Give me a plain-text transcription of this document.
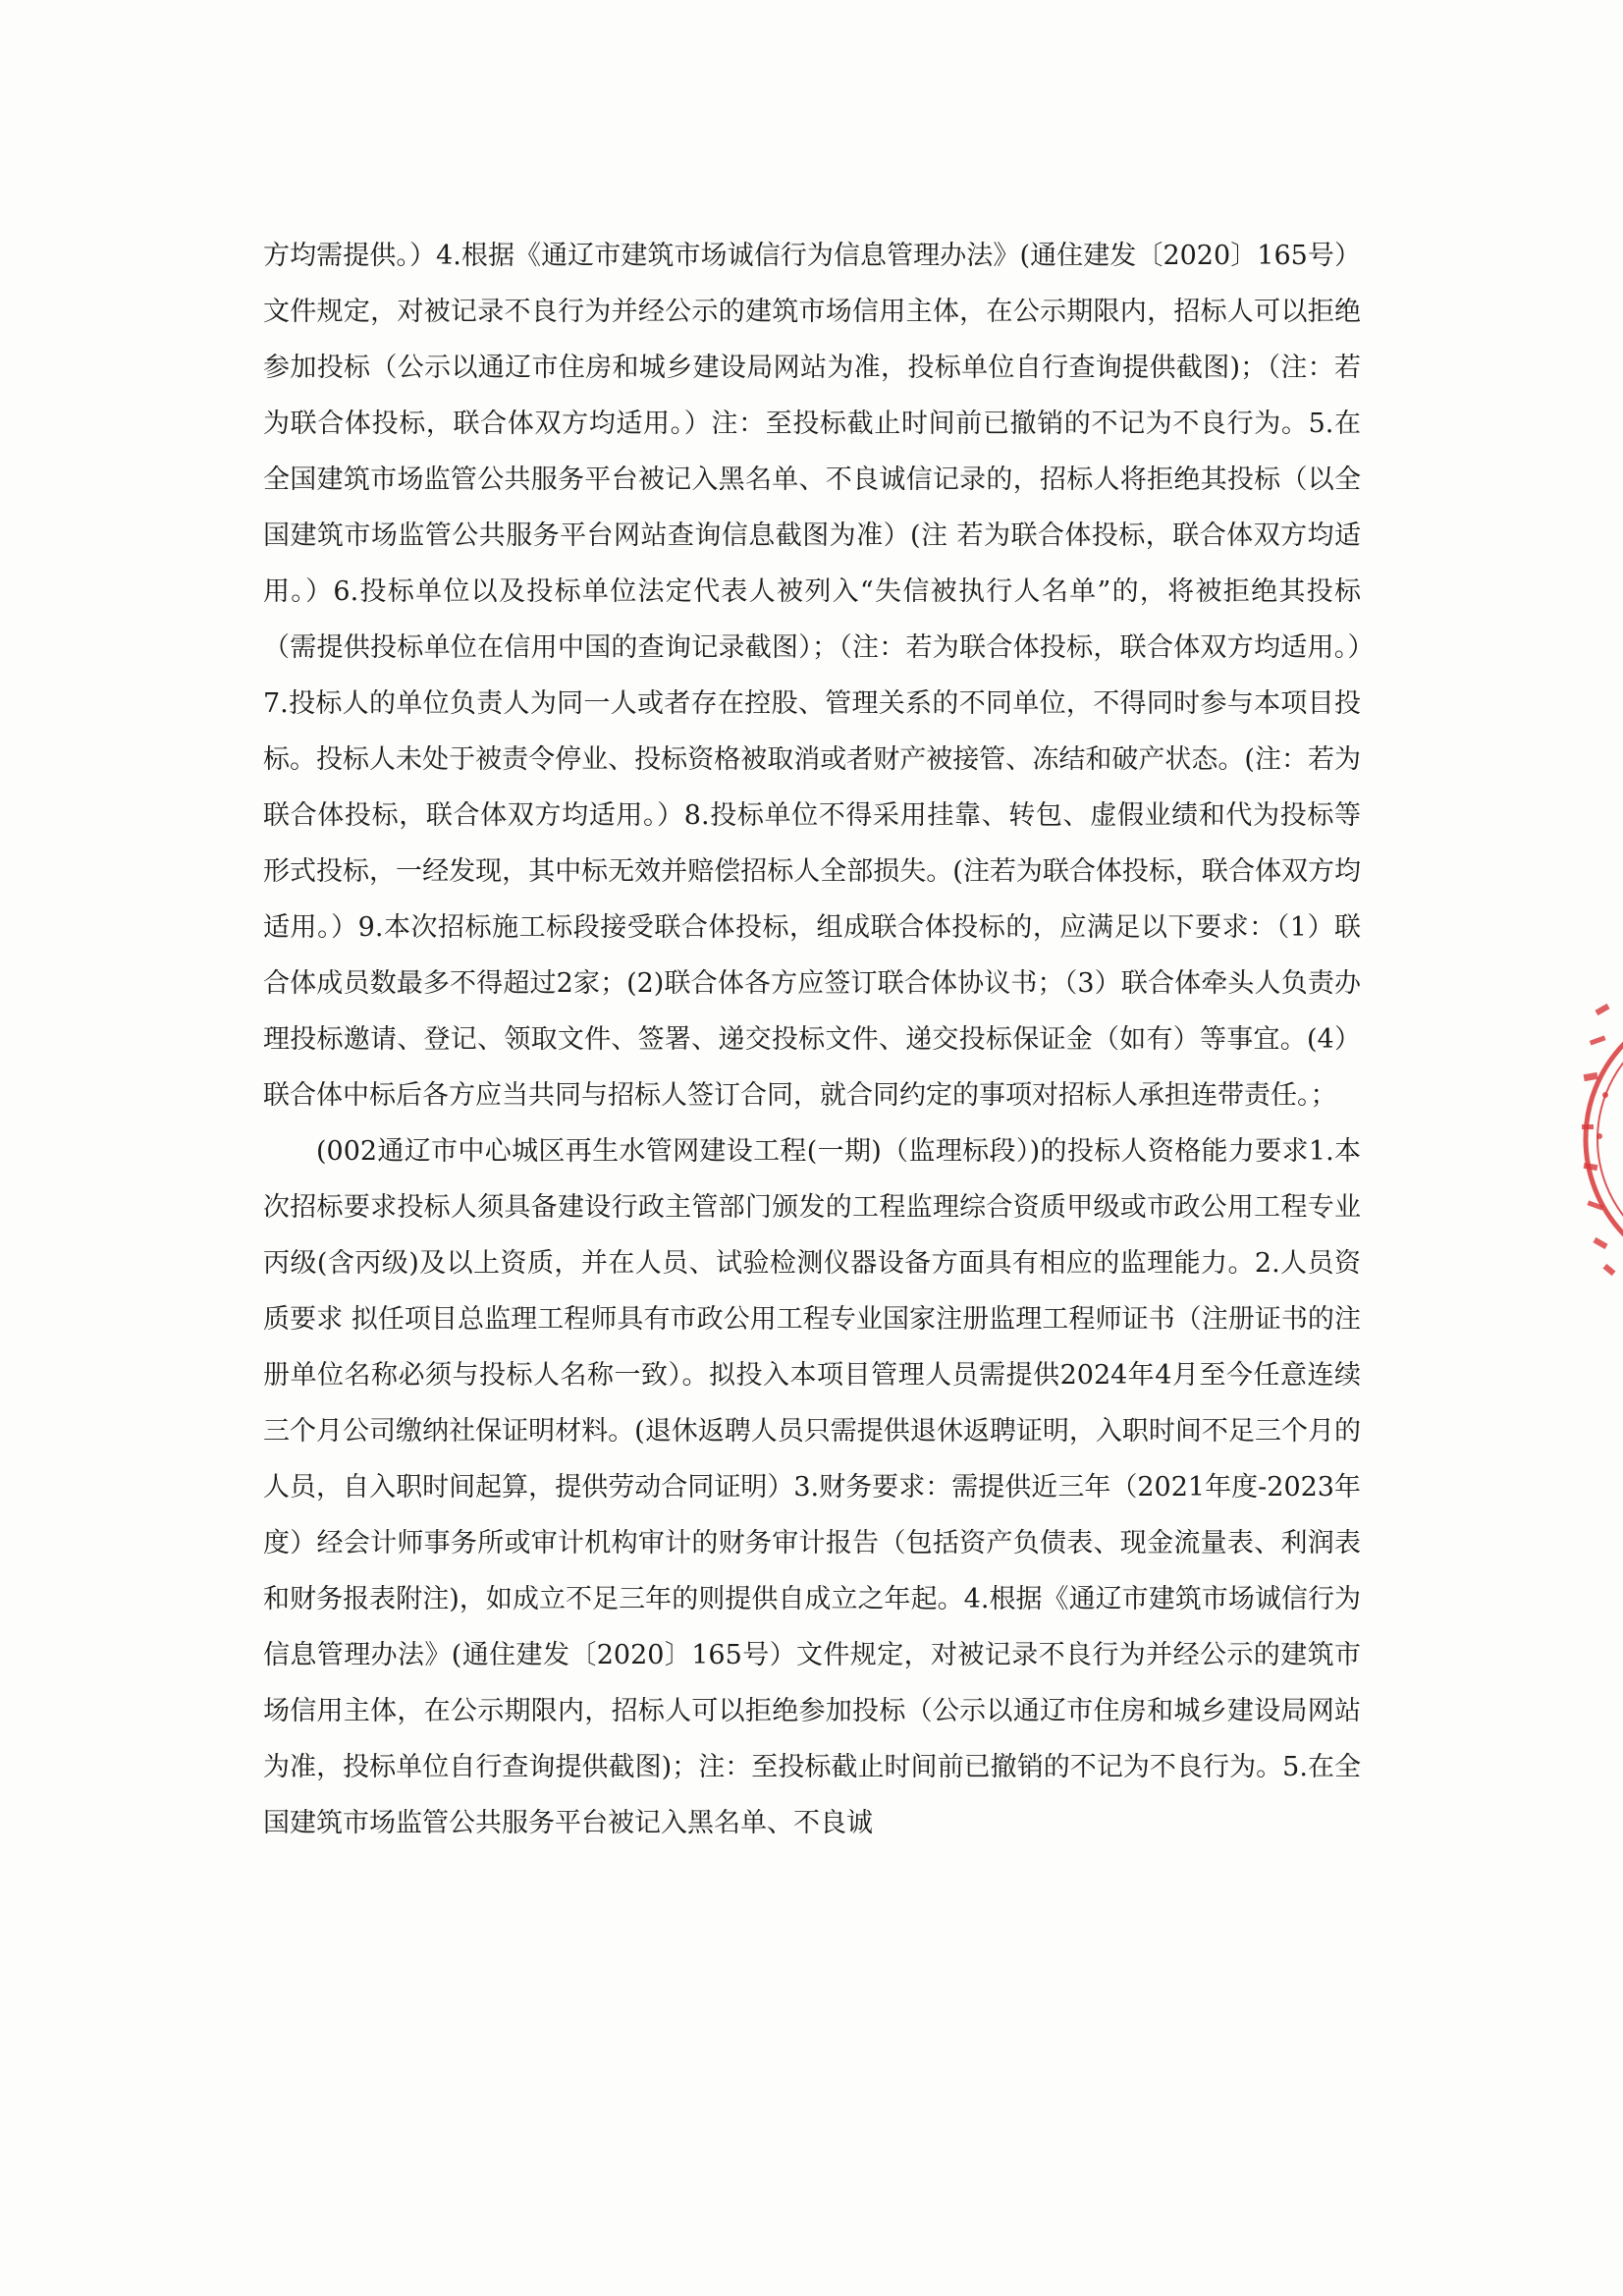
方均需提供。）4.根据《通辽市建筑市场诚信行为信息管理办法》(通住建发〔2020〕165号）文件规定，对被记录不良行为并经公示的建筑市场信用主体，在公示期限内，招标人可以拒绝参加投标（公示以通辽市住房和城乡建设局网站为准，投标单位自行查询提供截图)；（注：若为联合体投标，联合体双方均适用。）注：至投标截止时间前已撤销的不记为不良行为。5.在全国建筑市场监管公共服务平台被记入黑名单、不良诚信记录的，招标人将拒绝其投标（以全国建筑市场监管公共服务平台网站查询信息截图为准）(注 若为联合体投标，联合体双方均适用。）6.投标单位以及投标单位法定代表人被列入“失信被执行人名单”的，将被拒绝其投标（需提供投标单位在信用中国的查询记录截图）；（注：若为联合体投标，联合体双方均适用。）7.投标人的单位负责人为同一人或者存在控股、管理关系的不同单位，不得同时参与本项目投标。投标人未处于被责令停业、投标资格被取消或者财产被接管、冻结和破产状态。(注：若为联合体投标，联合体双方均适用。）8.投标单位不得采用挂靠、转包、虚假业绩和代为投标等形式投标，一经发现，其中标无效并赔偿招标人全部损失。(注若为联合体投标，联合体双方均适用。）9.本次招标施工标段接受联合体投标，组成联合体投标的，应满足以下要求：（1）联合体成员数最多不得超过2家；(2)联合体各方应签订联合体协议书；（3）联合体牵头人负责办理投标邀请、登记、领取文件、签署、递交投标文件、递交投标保证金（如有）等事宜。(4）联合体中标后各方应当共同与招标人签订合同，就合同约定的事项对招标人承担连带责任。；

(002通辽市中心城区再生水管网建设工程(一期)（监理标段）)的投标人资格能力要求1.本次招标要求投标人须具备建设行政主管部门颁发的工程监理综合资质甲级或市政公用工程专业丙级(含丙级)及以上资质，并在人员、试验检测仪器设备方面具有相应的监理能力。2.人员资质要求 拟任项目总监理工程师具有市政公用工程专业国家注册监理工程师证书（注册证书的注册单位名称必须与投标人名称一致）。拟投入本项目管理人员需提供2024年4月至今任意连续三个月公司缴纳社保证明材料。(退休返聘人员只需提供退休返聘证明，入职时间不足三个月的人员，自入职时间起算，提供劳动合同证明）3.财务要求：需提供近三年（2021年度-2023年度）经会计师事务所或审计机构审计的财务审计报告（包括资产负债表、现金流量表、利润表和财务报表附注)，如成立不足三年的则提供自成立之年起。4.根据《通辽市建筑市场诚信行为信息管理办法》(通住建发〔2020〕165号）文件规定，对被记录不良行为并经公示的建筑市场信用主体，在公示期限内，招标人可以拒绝参加投标（公示以通辽市住房和城乡建设局网站为准，投标单位自行查询提供截图)；注：至投标截止时间前已撤销的不记为不良行为。5.在全国建筑市场监管公共服务平台被记入黑名单、不良诚
